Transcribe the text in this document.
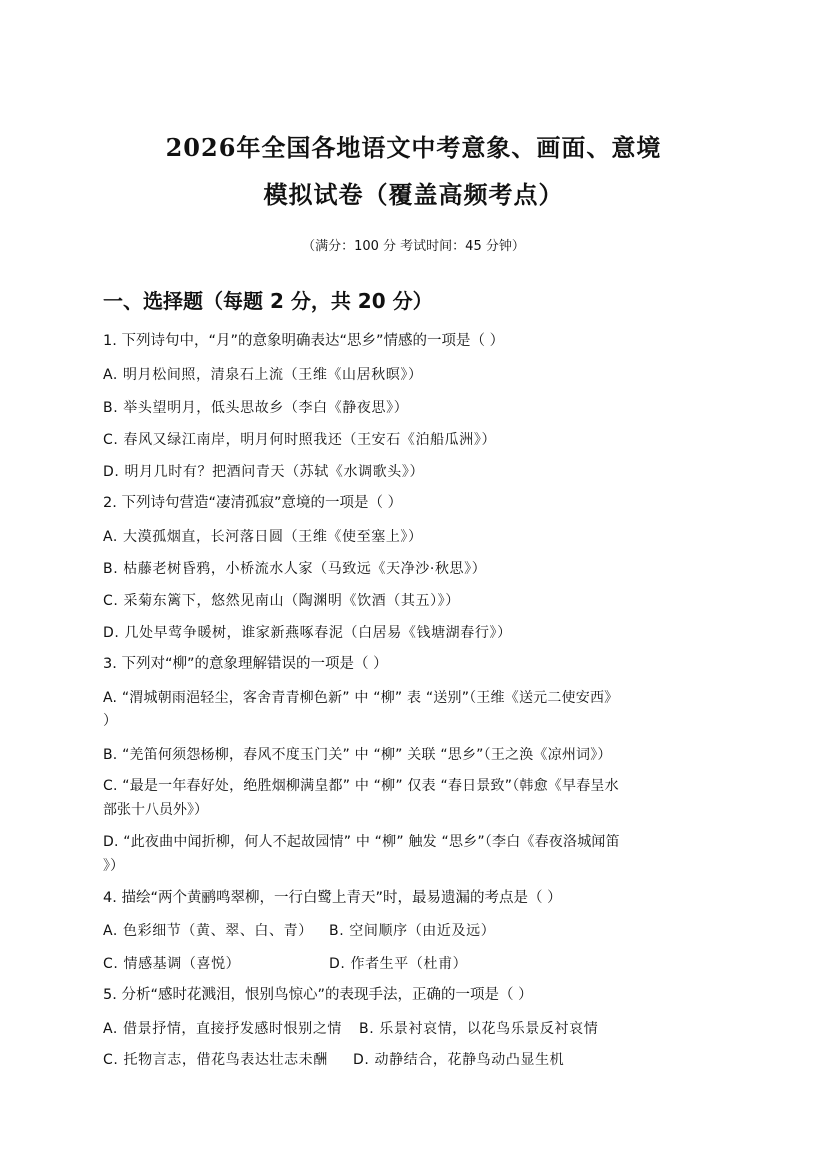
2026年全国各地语文中考意象、画面、意境
模拟试卷（覆盖高频考点）
（满分：100 分 考试时间：45 分钟）
一、选择题（每题 2 分，共 20 分）
1. 下列诗句中，“月”的意象明确表达“思乡”情感的一项是（ ）
A. 明月松间照，清泉石上流（王维《山居秋暝》）
B. 举头望明月，低头思故乡（李白《静夜思》）
C. 春风又绿江南岸，明月何时照我还（王安石《泊船瓜洲》）
D. 明月几时有？把酒问青天（苏轼《水调歌头》）
2. 下列诗句营造“凄清孤寂”意境的一项是（ ）
A. 大漠孤烟直，长河落日圆（王维《使至塞上》）
B. 枯藤老树昏鸦，小桥流水人家（马致远《天净沙·秋思》）
C. 采菊东篱下，悠然见南山（陶渊明《饮酒（其五）》）
D. 几处早莺争暖树，谁家新燕啄春泥（白居易《钱塘湖春行》）
3. 下列对“柳”的意象理解错误的一项是（ ）
A. “渭城朝雨浥轻尘，客舍青青柳色新” 中 “柳” 表 “送别”（王维《送元二使安西》
）
B. “羌笛何须怨杨柳，春风不度玉门关” 中 “柳” 关联 “思乡”（王之涣《凉州词》）
C. “最是一年春好处，绝胜烟柳满皇都” 中 “柳” 仅表 “春日景致”（韩愈《早春呈水
部张十八员外》）
D. “此夜曲中闻折柳，何人不起故园情” 中 “柳” 触发 “思乡”（李白《春夜洛城闻笛
》）
4. 描绘“两个黄鹂鸣翠柳，一行白鹭上青天”时，最易遗漏的考点是（ ）
A. 色彩细节（黄、翠、白、青） B. 空间顺序（由近及远）
C. 情感基调（喜悦）	D. 作者生平（杜甫）
5. 分析“感时花溅泪，恨别鸟惊心”的表现手法，正确的一项是（ ）
A. 借景抒情，直接抒发感时恨别之情 B. 乐景衬哀情，以花鸟乐景反衬哀情
C. 托物言志，借花鸟表达壮志未酬 D. 动静结合，花静鸟动凸显生机
